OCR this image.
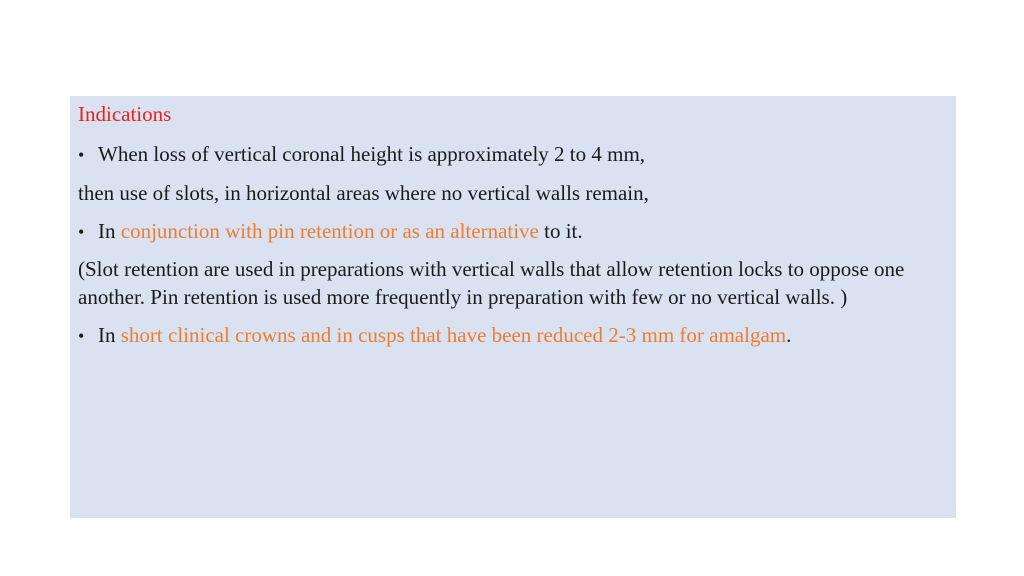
Indications

• When loss of vertical coronal height is approximately 2 to 4 mm,

then use of slots, in horizontal areas where no vertical walls remain,

• In conjunction with pin retention or as an alternative to it.

(Slot retention are used in preparations with vertical walls that allow retention locks to oppose one another. Pin retention is used more frequently in preparation with few or no vertical walls. )

• In short clinical crowns and in cusps that have been reduced 2-3 mm for amalgam.
